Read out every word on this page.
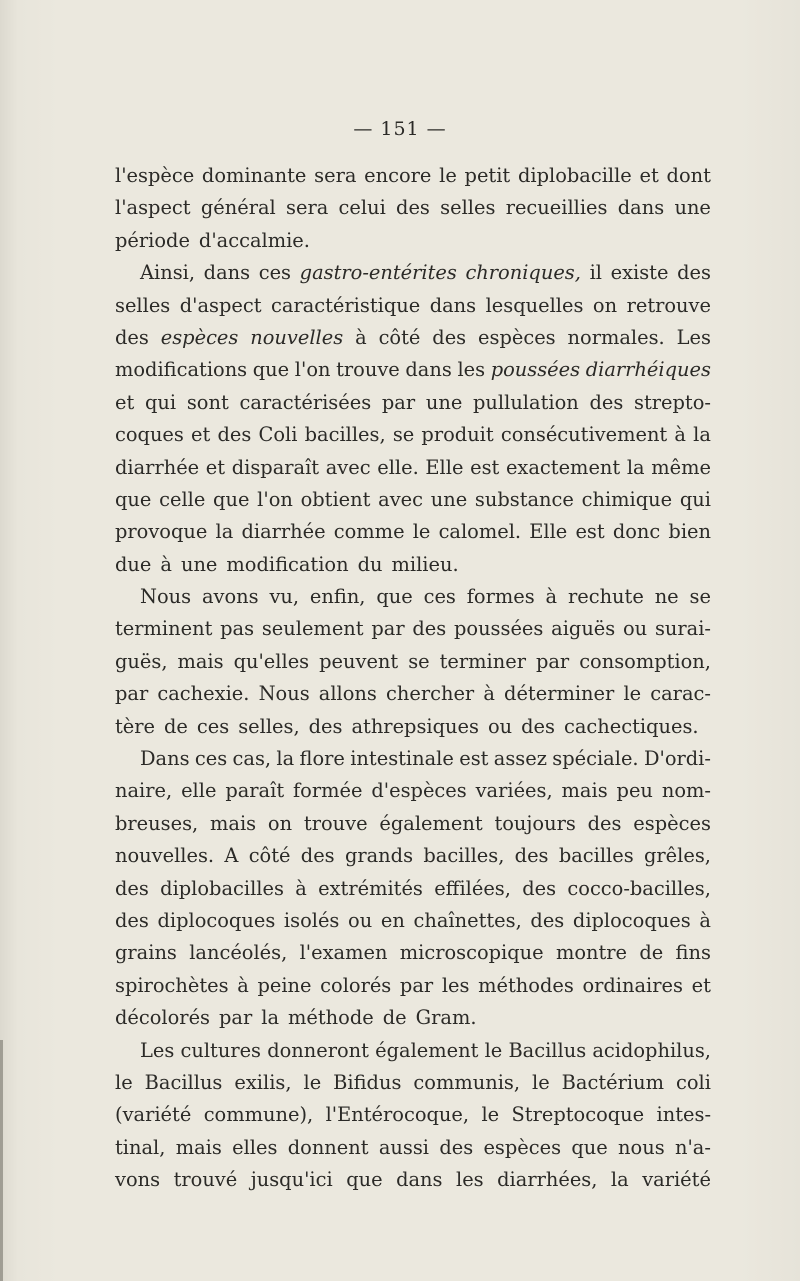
— 151 —
l'espèce dominante sera encore le petit diplobacille et dont
l'aspect général sera celui des selles recueillies dans une
période d'accalmie.
Ainsi, dans ces gastro-entérites chroniques, il existe des
selles d'aspect caractéristique dans lesquelles on retrouve
des espèces nouvelles à côté des espèces normales. Les
modifications que l'on trouve dans les poussées diarrhéiques
et qui sont caractérisées par une pullulation des strepto-
coques et des Coli bacilles, se produit consécutivement à la
diarrhée et disparaît avec elle. Elle est exactement la même
que celle que l'on obtient avec une substance chimique qui
provoque la diarrhée comme le calomel. Elle est donc bien
due à une modification du milieu.
Nous avons vu, enfin, que ces formes à rechute ne se
terminent pas seulement par des poussées aiguës ou surai-
guës, mais qu'elles peuvent se terminer par consomption,
par cachexie. Nous allons chercher à déterminer le carac-
tère de ces selles, des athrepsiques ou des cachectiques.
Dans ces cas, la flore intestinale est assez spéciale. D'ordi-
naire, elle paraît formée d'espèces variées, mais peu nom-
breuses, mais on trouve également toujours des espèces
nouvelles. A côté des grands bacilles, des bacilles grêles,
des diplobacilles à extrémités effilées, des cocco-bacilles,
des diplocoques isolés ou en chaînettes, des diplocoques à
grains lancéolés, l'examen microscopique montre de fins
spirochètes à peine colorés par les méthodes ordinaires et
décolorés par la méthode de Gram.
Les cultures donneront également le Bacillus acidophilus,
le Bacillus exilis, le Bifidus communis, le Bactérium coli
(variété commune), l'Entérocoque, le Streptocoque intes-
tinal, mais elles donnent aussi des espèces que nous n'a-
vons trouvé jusqu'ici que dans les diarrhées, la variété
